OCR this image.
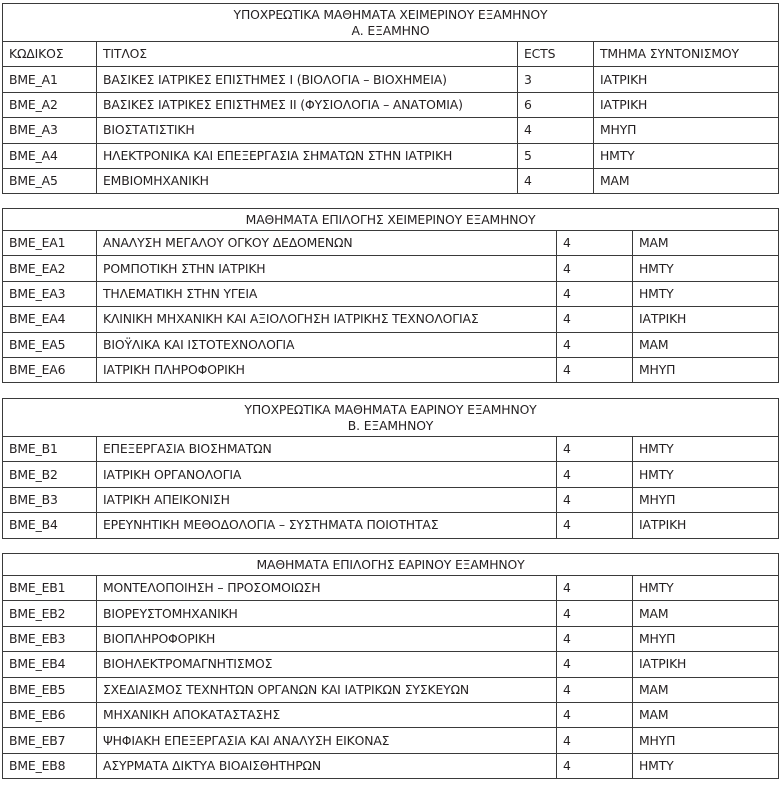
ΥΠΟΧΡΕΩΤΙΚΑ ΜΑΘΗΜΑΤΑ ΧΕΙΜΕΡΙΝΟΥ ΕΞΑΜΗΝΟΥ
Α. ΕΞΑΜΗΝΟ			

ΚΩΔΙΚΟΣ	ΤΙΤΛΟΣ	ECTS	ΤΜΗΜΑ ΣΥΝΤΟΝΙΣΜΟΥ
BME_A1	ΒΑΣΙΚΕΣ ΙΑΤΡΙΚΕΣ ΕΠΙΣΤΗΜΕΣ Ι (ΒΙΟΛΟΓΙΑ – ΒΙΟΧΗΜΕΙΑ)	3	ΙΑΤΡΙΚΗ
BME_A2	ΒΑΣΙΚΕΣ ΙΑΤΡΙΚΕΣ ΕΠΙΣΤΗΜΕΣ ΙΙ (ΦΥΣΙΟΛΟΓΙΑ – ΑΝΑΤΟΜΙΑ)	6	ΙΑΤΡΙΚΗ
BME_A3	ΒΙΟΣΤΑΤΙΣΤΙΚΗ	4	ΜΗΥΠ
BME_A4	ΗΛΕΚΤΡΟΝΙΚΑ ΚΑΙ ΕΠΕΞΕΡΓΑΣΙΑ ΣΗΜΑΤΩΝ ΣΤΗΝ ΙΑΤΡΙΚΗ	5	ΗΜΤΥ
BME_A5	ΕΜΒΙΟΜΗΧΑΝΙΚΗ	4	ΜΑΜ
ΜΑΘΗΜΑΤΑ ΕΠΙΛΟΓΗΣ ΧΕΙΜΕΡΙΝΟΥ ΕΞΑΜΗΝΟΥ			

BME_EA1	ΑΝΑΛΥΣΗ ΜΕΓΑΛΟΥ ΟΓΚΟΥ ΔΕΔΟΜΕΝΩΝ	4	ΜΑΜ
BME_EA2	ΡΟΜΠΟΤΙΚΗ ΣΤΗΝ ΙΑΤΡΙΚΗ	4	ΗΜΤΥ
BME_EA3	ΤΗΛΕΜΑΤΙΚΗ ΣΤΗΝ ΥΓΕΙΑ	4	ΗΜΤΥ
BME_EA4	ΚΛΙΝΙΚΗ ΜΗΧΑΝΙΚΗ ΚΑΙ ΑΞΙΟΛΟΓΗΣΗ ΙΑΤΡΙΚΗΣ ΤΕΧΝΟΛΟΓΙΑΣ	4	ΙΑΤΡΙΚΗ
BME_EA5	ΒΙΟΫΛΙΚΑ ΚΑΙ ΙΣΤΟΤΕΧΝΟΛΟΓΙΑ	4	ΜΑΜ
BME_EA6	ΙΑΤΡΙΚΗ ΠΛΗΡΟΦΟΡΙΚΗ	4	ΜΗΥΠ
ΥΠΟΧΡΕΩΤΙΚΑ ΜΑΘΗΜΑΤΑ ΕΑΡΙΝΟΥ ΕΞΑΜΗΝΟΥ
Β. ΕΞΑΜΗΝΟΥ			

BME_B1	ΕΠΕΞΕΡΓΑΣΙΑ ΒΙΟΣΗΜΑΤΩΝ	4	ΗΜΤΥ
BME_B2	ΙΑΤΡΙΚΗ ΟΡΓΑΝΟΛΟΓΙΑ	4	ΗΜΤΥ
BME_B3	ΙΑΤΡΙΚΗ ΑΠΕΙΚΟΝΙΣΗ	4	ΜΗΥΠ
BME_B4	ΕΡΕΥΝΗΤΙΚΗ ΜΕΘΟΔΟΛΟΓΙΑ – ΣΥΣΤΗΜΑΤΑ ΠΟΙΟΤΗΤΑΣ	4	ΙΑΤΡΙΚΗ
ΜΑΘΗΜΑΤΑ ΕΠΙΛΟΓΗΣ ΕΑΡΙΝΟΥ ΕΞΑΜΗΝΟΥ			

BME_EB1	ΜΟΝΤΕΛΟΠΟΙΗΣΗ – ΠΡΟΣΟΜΟΙΩΣΗ	4	ΗΜΤΥ
BME_EB2	ΒΙΟΡΕΥΣΤΟΜΗΧΑΝΙΚΗ	4	ΜΑΜ
BME_EB3	ΒΙΟΠΛΗΡΟΦΟΡΙΚΗ	4	ΜΗΥΠ
BME_EB4	ΒΙΟΗΛΕΚΤΡΟΜΑΓΝΗΤΙΣΜΟΣ	4	ΙΑΤΡΙΚΗ
BME_EB5	ΣΧΕΔΙΑΣΜΟΣ ΤΕΧΝΗΤΩΝ ΟΡΓΑΝΩΝ ΚΑΙ ΙΑΤΡΙΚΩΝ ΣΥΣΚΕΥΩΝ	4	ΜΑΜ
BME_EB6	ΜΗΧΑΝΙΚΗ ΑΠΟΚΑΤΑΣΤΑΣΗΣ	4	ΜΑΜ
BME_EB7	ΨΗΦΙΑΚΗ ΕΠΕΞΕΡΓΑΣΙΑ ΚΑΙ ΑΝΑΛΥΣΗ ΕΙΚΟΝΑΣ	4	ΜΗΥΠ
BME_EB8	ΑΣΥΡΜΑΤΑ ΔΙΚΤΥΑ ΒΙΟΑΙΣΘΗΤΗΡΩΝ	4	ΗΜΤΥ
